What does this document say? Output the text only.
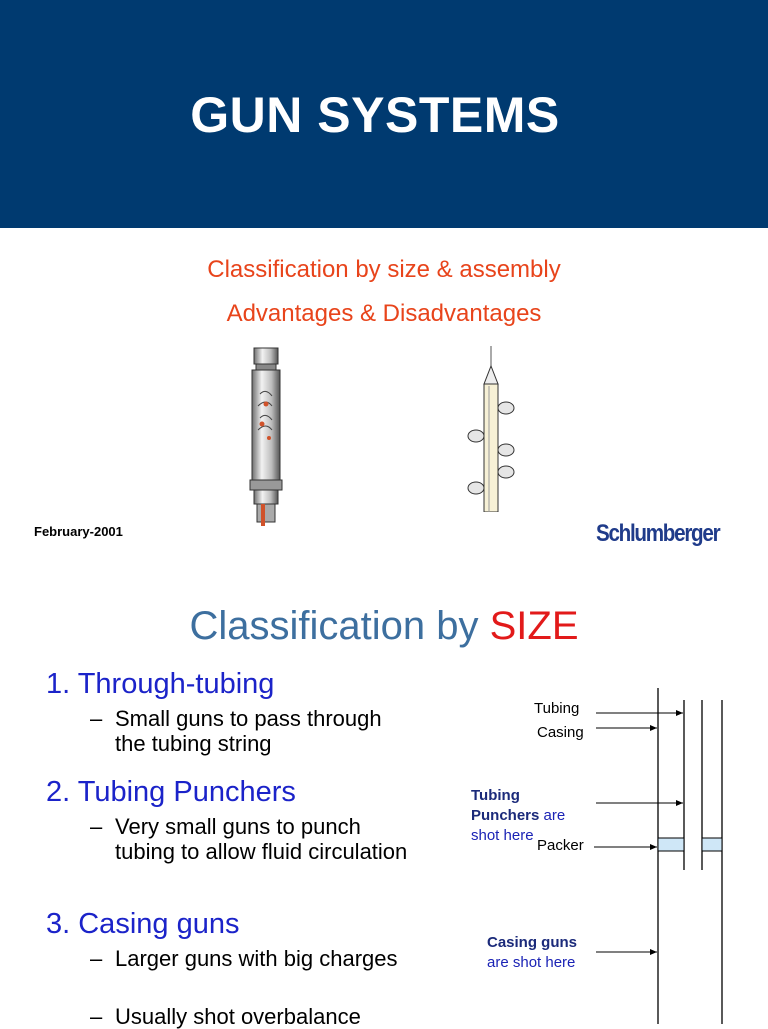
GUN SYSTEMS
Classification by size & assembly
Advantages & Disadvantages
February-2001	Schlumberger
Classification by SIZE
1. Through-tubing
– Small guns to pass through the tubing string
2. Tubing Punchers
– Very small guns to punch tubing to allow fluid circulation
3. Casing guns
– Larger guns with big charges
– Usually shot overbalance
Tubing
Casing
Tubing Punchers are shot here
Packer
Casing guns
are shot here
